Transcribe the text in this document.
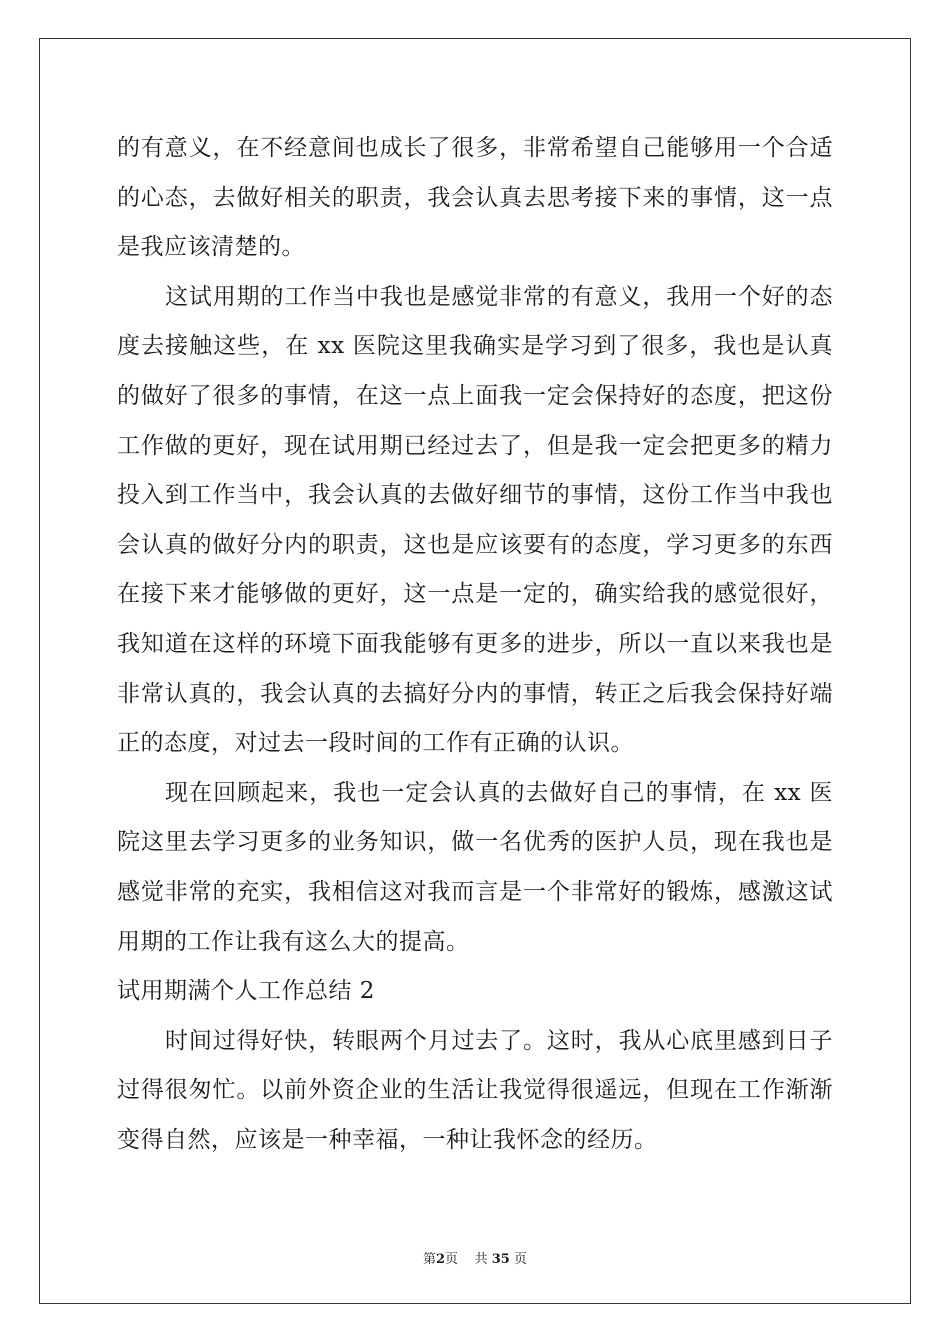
的有意义，在不经意间也成长了很多，非常希望自己能够用一个合适
的心态，去做好相关的职责，我会认真去思考接下来的事情，这一点
是我应该清楚的。
这试用期的工作当中我也是感觉非常的有意义，我用一个好的态
度去接触这些，在 xx 医院这里我确实是学习到了很多，我也是认真
的做好了很多的事情，在这一点上面我一定会保持好的态度，把这份
工作做的更好，现在试用期已经过去了，但是我一定会把更多的精力
投入到工作当中，我会认真的去做好细节的事情，这份工作当中我也
会认真的做好分内的职责，这也是应该要有的态度，学习更多的东西
在接下来才能够做的更好，这一点是一定的，确实给我的感觉很好，
我知道在这样的环境下面我能够有更多的进步，所以一直以来我也是
非常认真的，我会认真的去搞好分内的事情，转正之后我会保持好端
正的态度，对过去一段时间的工作有正确的认识。
现在回顾起来，我也一定会认真的去做好自己的事情，在 xx 医
院这里去学习更多的业务知识，做一名优秀的医护人员，现在我也是
感觉非常的充实，我相信这对我而言是一个非常好的锻炼，感激这试
用期的工作让我有这么大的提高。
试用期满个人工作总结 2
时间过得好快，转眼两个月过去了。这时，我从心底里感到日子
过得很匆忙。以前外资企业的生活让我觉得很遥远，但现在工作渐渐
变得自然，应该是一种幸福，一种让我怀念的经历。
第2页 共 35 页
